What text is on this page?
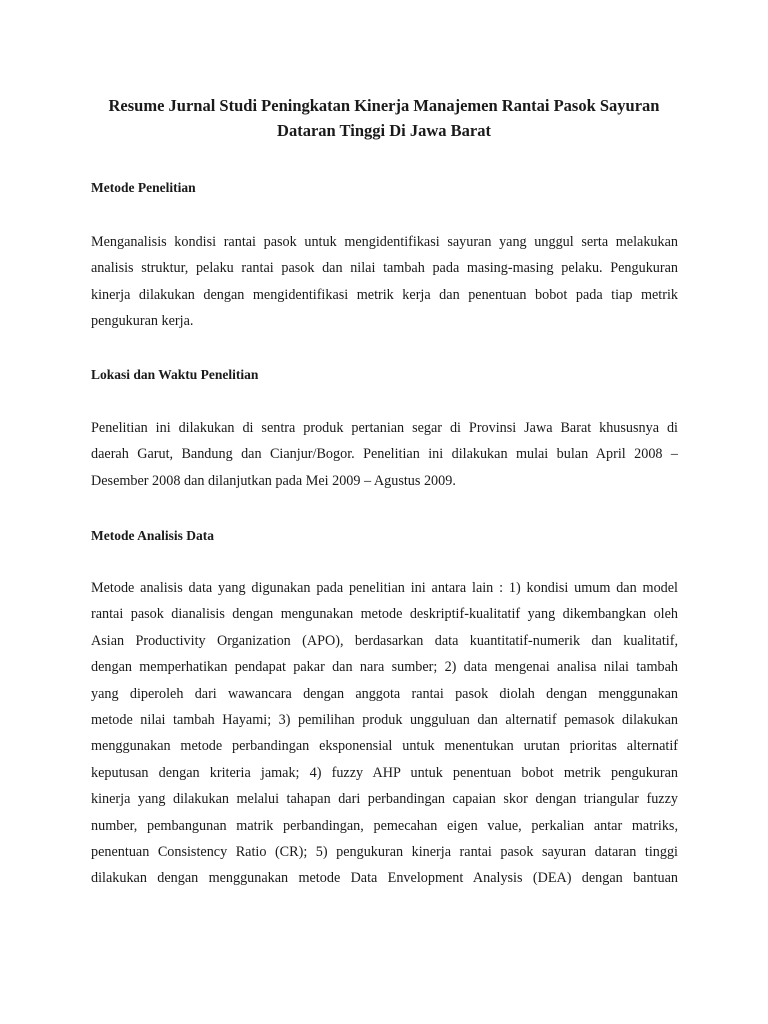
Resume Jurnal Studi Peningkatan Kinerja Manajemen Rantai Pasok Sayuran
Dataran Tinggi Di Jawa Barat
Metode Penelitian

Menganalisis kondisi rantai pasok untuk mengidentifikasi sayuran yang unggul serta melakukan
analisis struktur, pelaku rantai pasok dan nilai tambah pada masing-masing pelaku. Pengukuran
kinerja dilakukan dengan mengidentifikasi metrik kerja dan penentuan bobot pada tiap metrik
pengukuran kerja.

Lokasi dan Waktu Penelitian

Penelitian ini dilakukan di sentra produk pertanian segar di Provinsi Jawa Barat khususnya di
daerah Garut, Bandung dan Cianjur/Bogor. Penelitian ini dilakukan mulai bulan April 2008 –
Desember 2008 dan dilanjutkan pada Mei 2009 – Agustus 2009.

Metode Analisis Data

Metode analisis data yang digunakan pada penelitian ini antara lain : 1) kondisi umum dan model
rantai pasok dianalisis dengan mengunakan metode deskriptif-kualitatif yang dikembangkan oleh
Asian Productivity Organization (APO), berdasarkan data kuantitatif-numerik dan kualitatif,
dengan memperhatikan pendapat pakar dan nara sumber; 2) data mengenai analisa nilai tambah
yang diperoleh dari wawancara dengan anggota rantai pasok diolah dengan menggunakan
metode nilai tambah Hayami; 3) pemilihan produk ungguluan dan alternatif pemasok dilakukan
menggunakan metode perbandingan eksponensial untuk menentukan urutan prioritas alternatif
keputusan dengan kriteria jamak; 4) fuzzy AHP untuk penentuan bobot metrik pengukuran
kinerja yang dilakukan melalui tahapan dari perbandingan capaian skor dengan triangular fuzzy
number, pembangunan matrik perbandingan, pemecahan eigen value, perkalian antar matriks,
penentuan Consistency Ratio (CR); 5) pengukuran kinerja rantai pasok sayuran dataran tinggi
dilakukan dengan menggunakan metode Data Envelopment Analysis (DEA) dengan bantuan
